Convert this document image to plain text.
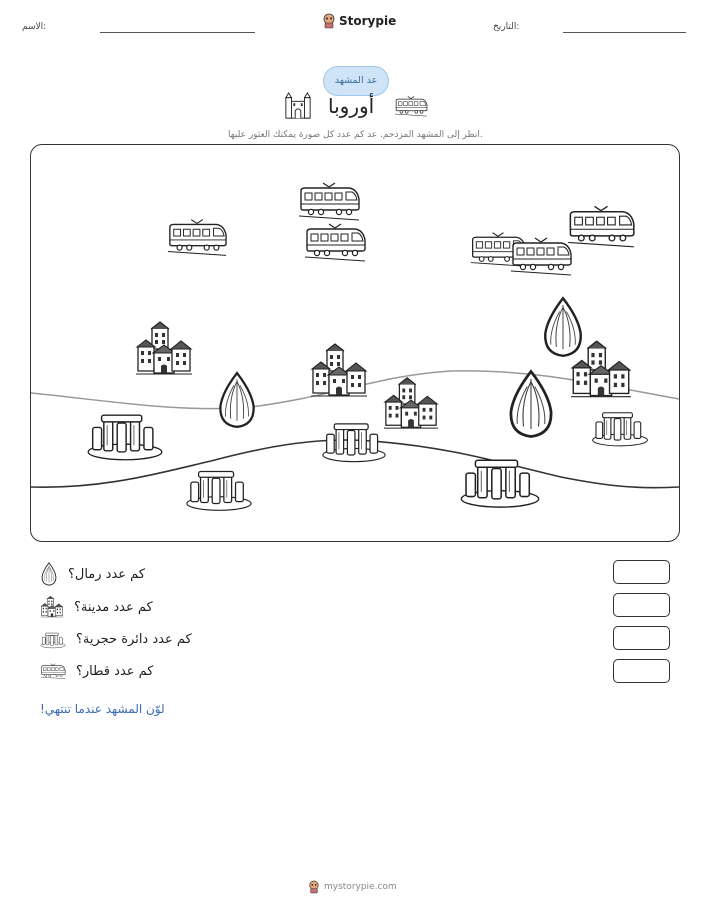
الاسم:	Storypie	التاريخ:
عد المشهد
أوروبا
انظر إلى المشهد المزدحم. عد كم عدد كل صورة يمكنك العثور عليها.
كم عدد رمال؟
كم عدد مدينة؟
كم عدد دائرة حجرية؟
كم عدد قطار؟
لوّن المشهد عندما تنتهي!
mystorypie.com
